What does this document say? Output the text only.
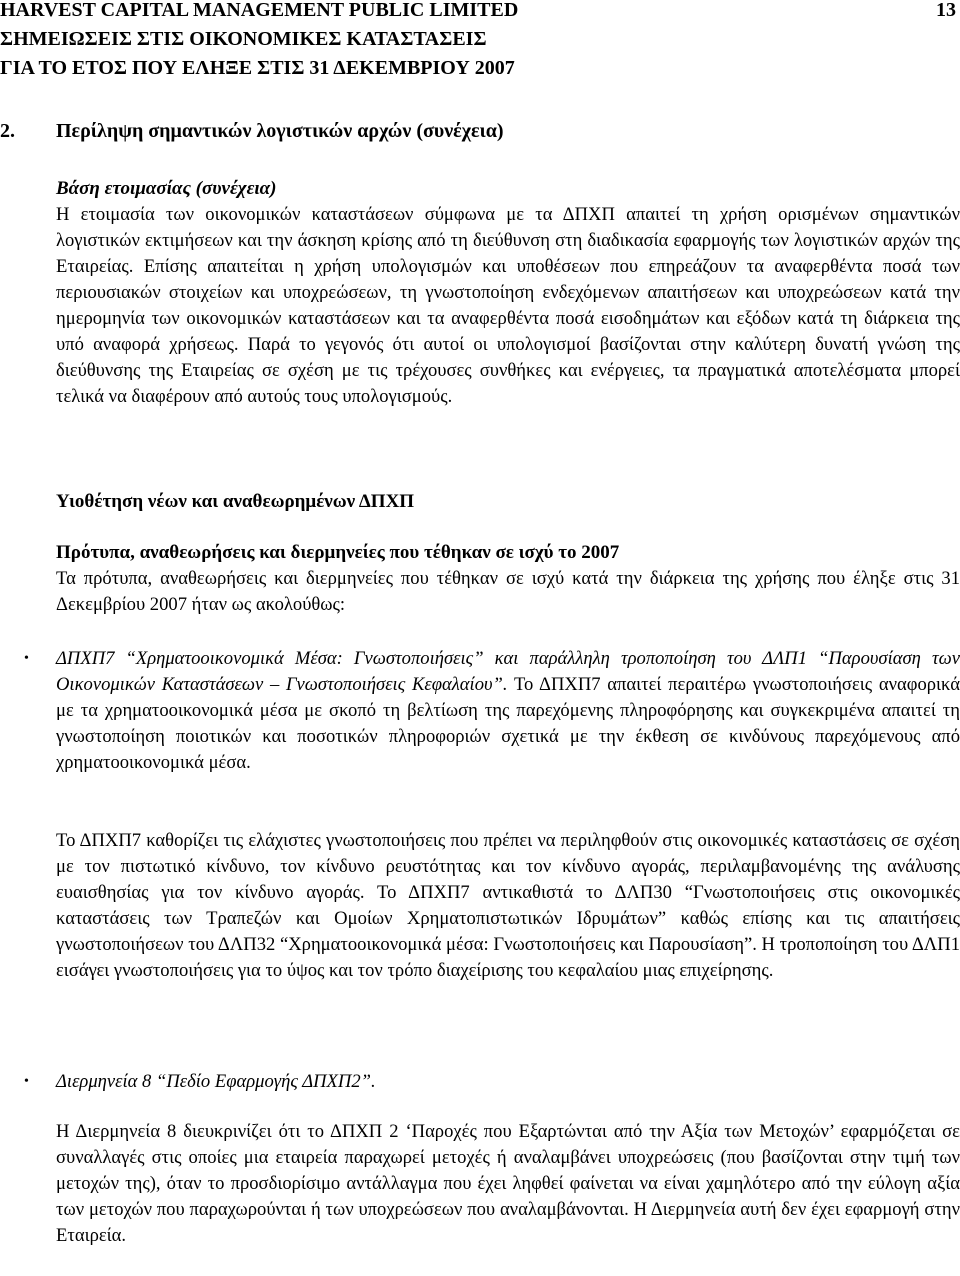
HARVEST CAPITAL MANAGEMENT PUBLIC LIMITED	13
ΣΗΜΕΙΩΣΕΙΣ ΣΤΙΣ ΟΙΚΟΝΟΜΙΚΕΣ ΚΑΤΑΣΤΑΣΕΙΣ
ΓΙΑ ΤΟ ΕΤΟΣ ΠΟΥ ΕΛΗΞΕ ΣΤΙΣ 31 ΔΕΚΕΜΒΡΙΟΥ 2007
2. Περίληψη σημαντικών λογιστικών αρχών (συνέχεια)

Βάση ετοιμασίας (συνέχεια)

Η ετοιμασία των οικονομικών καταστάσεων σύμφωνα με τα ΔΠΧΠ απαιτεί τη χρήση ορισμένων σημαντικών λογιστικών εκτιμήσεων και την άσκηση κρίσης από τη διεύθυνση στη διαδικασία εφαρμογής των λογιστικών αρχών της Εταιρείας. Επίσης απαιτείται η χρήση υπολογισμών και υποθέσεων που επηρεάζουν τα αναφερθέντα ποσά των περιουσιακών στοιχείων και υποχρεώσεων, τη γνωστοποίηση ενδεχόμενων απαιτήσεων και υποχρεώσεων κατά την ημερομηνία των οικονομικών καταστάσεων και τα αναφερθέντα ποσά εισοδημάτων και εξόδων κατά τη διάρκεια της υπό αναφορά χρήσεως. Παρά το γεγονός ότι αυτοί οι υπολογισμοί βασίζονται στην καλύτερη δυνατή γνώση της διεύθυνσης της Εταιρείας σε σχέση με τις τρέχουσες συνθήκες και ενέργειες, τα πραγματικά αποτελέσματα μπορεί τελικά να διαφέρουν από αυτούς τους υπολογισμούς.

Υιοθέτηση νέων και αναθεωρημένων ΔΠΧΠ

Πρότυπα, αναθεωρήσεις και διερμηνείες που τέθηκαν σε ισχύ το 2007

Τα πρότυπα, αναθεωρήσεις και διερμηνείες που τέθηκαν σε ισχύ κατά την διάρκεια της χρήσης που έληξε στις 31 Δεκεμβρίου 2007 ήταν ως ακολούθως:

• ΔΠΧΠ7 “Χρηματοοικονομικά Μέσα: Γνωστοποιήσεις” και παράλληλη τροποποίηση του ΔΛΠ1 “Παρουσίαση των Οικονομικών Καταστάσεων – Γνωστοποιήσεις Κεφαλαίου”. Το ΔΠΧΠ7 απαιτεί περαιτέρω γνωστοποιήσεις αναφορικά με τα χρηματοοικονομικά μέσα με σκοπό τη βελτίωση της παρεχόμενης πληροφόρησης και συγκεκριμένα απαιτεί τη γνωστοποίηση ποιοτικών και ποσοτικών πληροφοριών σχετικά με την έκθεση σε κινδύνους παρεχόμενους από χρηματοοικονομικά μέσα.

Το ΔΠΧΠ7 καθορίζει τις ελάχιστες γνωστοποιήσεις που πρέπει να περιληφθούν στις οικονομικές καταστάσεις σε σχέση με τον πιστωτικό κίνδυνο, τον κίνδυνο ρευστότητας και τον κίνδυνο αγοράς, περιλαμβανομένης της ανάλυσης ευαισθησίας για τον κίνδυνο αγοράς. Το ΔΠΧΠ7 αντικαθιστά το ΔΛΠ30 “Γνωστοποιήσεις στις οικονομικές καταστάσεις των Τραπεζών και Ομοίων Χρηματοπιστωτικών Ιδρυμάτων” καθώς επίσης και τις απαιτήσεις γνωστοποιήσεων του ΔΛΠ32 “Χρηματοοικονομικά μέσα: Γνωστοποιήσεις και Παρουσίαση”. Η τροποποίηση του ΔΛΠ1 εισάγει γνωστοποιήσεις για το ύψος και τον τρόπο διαχείρισης του κεφαλαίου μιας επιχείρησης.

• Διερμηνεία 8 “Πεδίο Εφαρμογής ΔΠΧΠ2”.

Η Διερμηνεία 8 διευκρινίζει ότι το ΔΠΧΠ 2 ‘Παροχές που Εξαρτώνται από την Αξία των Μετοχών’ εφαρμόζεται σε συναλλαγές στις οποίες μια εταιρεία παραχωρεί μετοχές ή αναλαμβάνει υποχρεώσεις (που βασίζονται στην τιμή των μετοχών της), όταν το προσδιορίσιμο αντάλλαγμα που έχει ληφθεί φαίνεται να είναι χαμηλότερο από την εύλογη αξία των μετοχών που παραχωρούνται ή των υποχρεώσεων που αναλαμβάνονται. Η Διερμηνεία αυτή δεν έχει εφαρμογή στην Εταιρεία.
